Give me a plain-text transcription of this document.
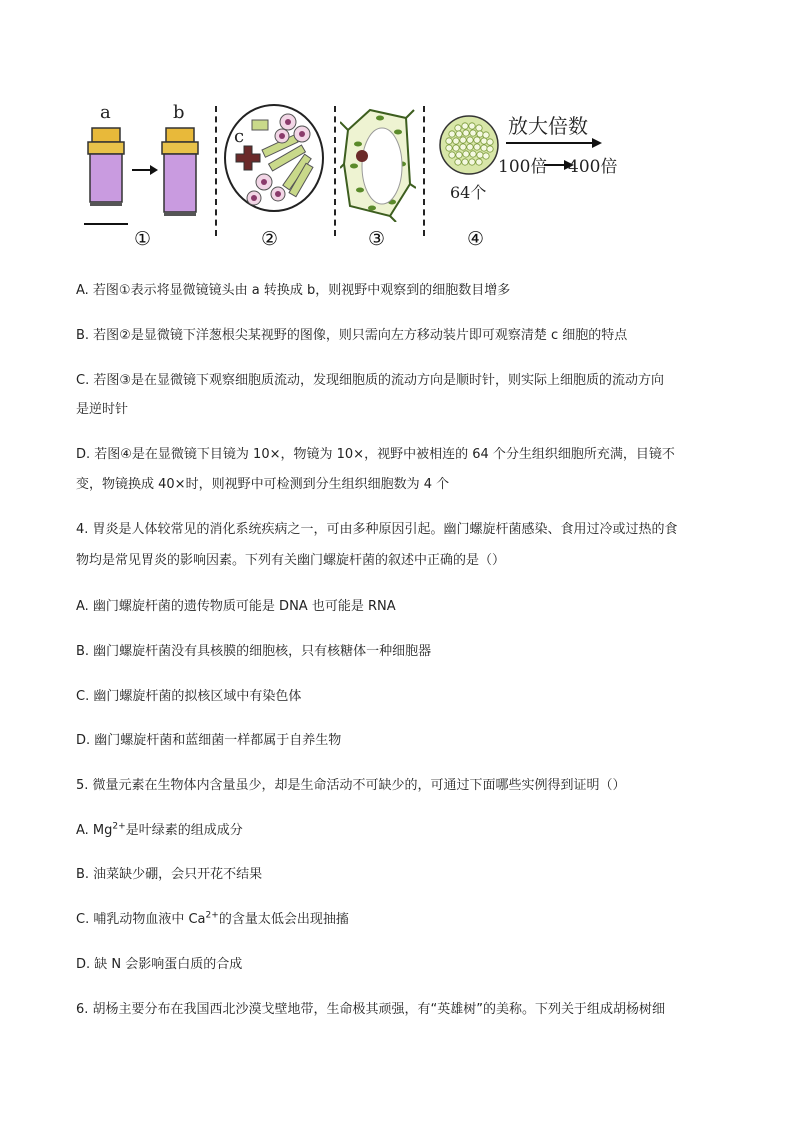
a	b
①
c
②	③
64个
放大倍数
100倍 400倍
④
A. 若图①表示将显微镜镜头由 a 转换成 b，则视野中观察到的细胞数目增多
B. 若图②是显微镜下洋葱根尖某视野的图像，则只需向左方移动装片即可观察清楚 c 细胞的特点
C. 若图③是在显微镜下观察细胞质流动，发现细胞质的流动方向是顺时针，则实际上细胞质的流动方向
是逆时针
D. 若图④是在显微镜下目镜为 10×，物镜为 10×，视野中被相连的 64 个分生组织细胞所充满，目镜不
变，物镜换成 40×时，则视野中可检测到分生组织细胞数为 4 个
4. 胃炎是人体较常见的消化系统疾病之一，可由多种原因引起。幽门螺旋杆菌感染、食用过冷或过热的食
物均是常见胃炎的影响因素。下列有关幽门螺旋杆菌的叙述中正确的是（）
A. 幽门螺旋杆菌的遗传物质可能是 DNA 也可能是 RNA
B. 幽门螺旋杆菌没有具核膜的细胞核，只有核糖体一种细胞器
C. 幽门螺旋杆菌的拟核区域中有染色体
D. 幽门螺旋杆菌和蓝细菌一样都属于自养生物
5. 微量元素在生物体内含量虽少，却是生命活动不可缺少的，可通过下面哪些实例得到证明（）
A. $Mg^{2+}$是叶绿素的组成成分
B. 油菜缺少硼，会只开花不结果
C. 哺乳动物血液中 $Ca^{2+}$的含量太低会出现抽搐
D. 缺 N 会影响蛋白质的合成
6. 胡杨主要分布在我国西北沙漠戈壁地带，生命极其顽强，有“英雄树”的美称。下列关于组成胡杨树细
